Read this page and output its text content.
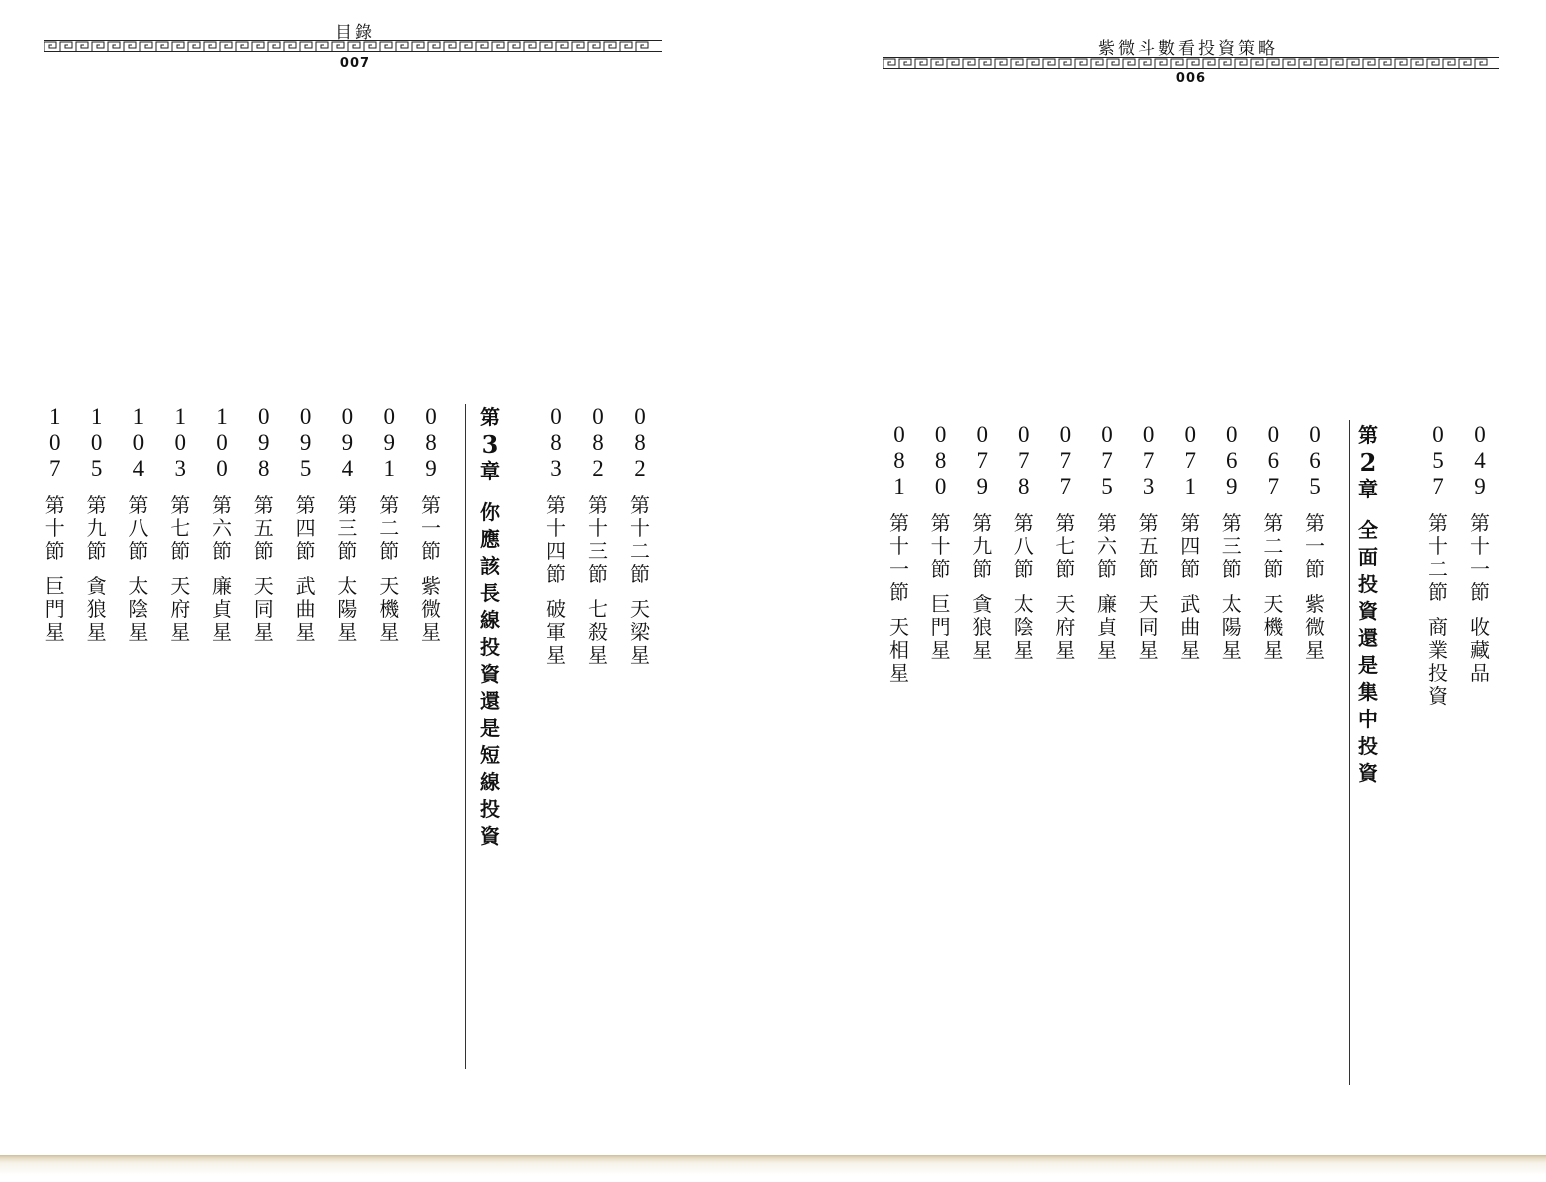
目錄
007
0
8
2
第
十
二
節
天
梁
星
0
8
2
第
十
三
節
七
殺
星
0
8
3
第
十
四
節
破
軍
星
第
3
章
你
應
該
長
線
投
資
還
是
短
線
投
資
0
8
9
第
一
節
紫
微
星
0
9
1
第
二
節
天
機
星
0
9
4
第
三
節
太
陽
星
0
9
5
第
四
節
武
曲
星
0
9
8
第
五
節
天
同
星
1
0
0
第
六
節
廉
貞
星
1
0
3
第
七
節
天
府
星
1
0
4
第
八
節
太
陰
星
1
0
5
第
九
節
貪
狼
星
1
0
7
第
十
節
巨
門
星
紫微斗數看投資策略
006
0
4
9
第
十
一
節
收
藏
品
0
5
7
第
十
二
節
商
業
投
資
第
2
章
全
面
投
資
還
是
集
中
投
資
0
6
5
第
一
節
紫
微
星
0
6
7
第
二
節
天
機
星
0
6
9
第
三
節
太
陽
星
0
7
1
第
四
節
武
曲
星
0
7
3
第
五
節
天
同
星
0
7
5
第
六
節
廉
貞
星
0
7
7
第
七
節
天
府
星
0
7
8
第
八
節
太
陰
星
0
7
9
第
九
節
貪
狼
星
0
8
0
第
十
節
巨
門
星
0
8
1
第
十
一
節
天
相
星
